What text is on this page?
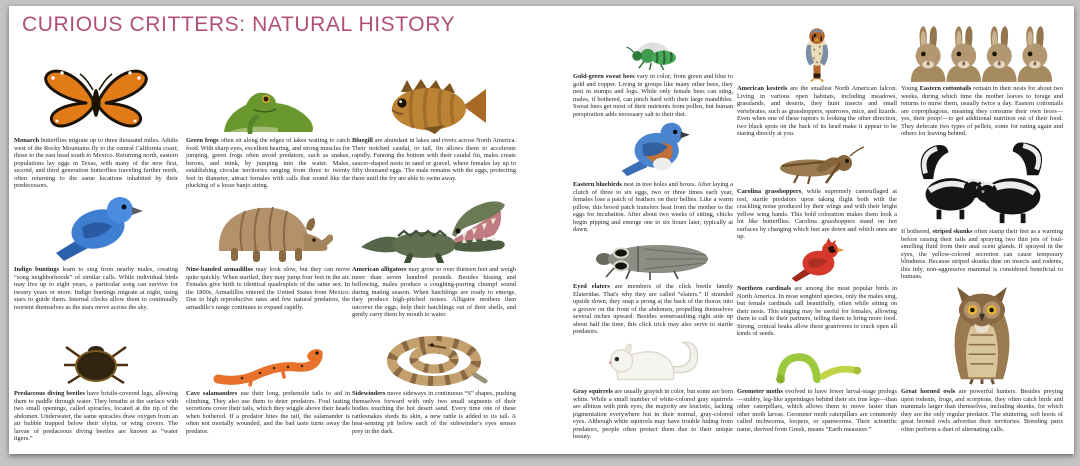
CURIOUS CRITTERS: NATURAL HISTORY

Monarch butterflies migrate up to three thousand miles. Adults west of the Rocky Mountains fly to the central California coast; those to the east head south to Mexico. Returning north, eastern populations lay eggs in Texas, with many of the new first, second, and third generation butterflies traveling farther north, often returning to the same locations inhabited by their predecessors.

Green frogs often sit along the edges of lakes waiting to catch food. With sharp eyes, excellent hearing, and strong muscles for jumping, green frogs often avoid predators, such as snakes, herons, and mink, by jumping into the water. Males, establishing circular territories ranging from three to twenty feet in diameter, attract females with calls that sound like the plucking of a loose banjo string.

Bluegill are abundant in lakes and rivers across North America. Their notched caudal, or tail, fin allows them to accelerate rapidly. Fanning the bottom with their caudal fin, males create saucer-shaped nests in sand or gravel, where females lay up to fifty thousand eggs. The male remains with the eggs, protecting them until the fry are able to swim away.

Indigo buntings learn to sing from nearby males, creating “song neighborhoods” of similar calls. While individual birds may live up to eight years, a particular song can survive for twenty years or more. Indigo buntings migrate at night, using stars to guide them. Internal clocks allow them to continually reorient themselves as the stars move across the sky.

Nine-banded armadillos may look slow, but they can move quite quickly. When startled, they may jump four feet in the air. Females give birth to identical quadruplets of the same sex. In the 1800s, Armadillos entered the United States from Mexico. Due to high reproductive rates and few natural predators, the armadillo's range continues to expand rapidly.

American alligators may grow to over thirteen feet and weigh more than seven hundred pounds. Besides hissing and bellowing, males produce a coughing-purring chumpf sound during mating season. When hatchlings are ready to emerge, they produce high-pitched noises. Alligator mothers then uncover the eggs, help their hatchlings out of their shells, and gently carry them by mouth to water.

Predaceous diving beetles have bristle-covered legs, allowing them to paddle through water. They breathe at the surface with two small openings, called spiracles, located at the tip of the abdomen. Underwater, the same spiracles draw oxygen from an air bubble trapped below their elytra, or wing covers. The larvae of predaceous diving beetles are known as “water tigers.”

Cave salamanders use their long, prehensile tails to aid in climbing. They also use them to deter predators. Foul tasting secretions cover their tails, which they wiggle above their heads when bothered. If a predator bites the tail, the salamander is often not mortally wounded, and the bad taste turns away the predator.

Sidewinders move sideways in continuous “S” shapes, pushing themselves forward with only two small segments of their bodies touching the hot desert sand. Every time one of these rattlesnakes sheds its skin, a new rattle is added to its tail. A heat-sensing pit below each of the sidewinder's eyes senses prey in the dark.

Gold-green sweat bees vary in color, from green and blue to gold and copper. Living in groups like many other bees, they nest in stumps and logs. While only female bees can sting, males, if bothered, can pinch hard with their large mandibles. Sweat bees get most of their nutrients from pollen, but human perspiration adds necessary salt to their diet.

American kestrels are the smallest North American falcon. Living in various open habitats, including meadows, grasslands, and deserts, they hunt insects and small vertebrates, such as grasshoppers, sparrows, mice, and lizards. Even when one of these raptors is looking the other direction, two black spots on the back of its head make it appear to be staring directly at you.

Young Eastern cottontails remain in their nests for about two weeks, during which time the mother leaves to forage and returns to nurse them, usually twice a day. Eastern cottontails are coprophagous, meaning they consume their own feces—yes, their poop!—to get additional nutrition out of their food. They defecate two types of pellets, some for eating again and others for leaving behind.

Eastern bluebirds nest in tree holes and boxes. After laying a clutch of three to six eggs, two or three times each year, females lose a patch of feathers on their bellies. Like a warm pillow, this brood patch transfers heat from the mother to the eggs for incubation. After about two weeks of sitting, chicks begin pipping and emerge one to six hours later, typically at dawn.

Carolina grasshoppers, while supremely camouflaged at rest, startle predators upon taking flight both with the crackling noise produced by their wings and with their bright yellow wing bands. This bold coloration makes them look a lot like butterflies. Carolina grasshoppers stand on hot surfaces by changing which feet are down and which ones are up.

If bothered, striped skunks often stamp their feet as a warning before raising their tails and spraying two thin jets of foul-smelling fluid from their anal scent glands. If sprayed in the eyes, the yellow-colored secretion can cause temporary blindness. Because striped skunks dine on insects and rodents, this tidy, non-aggressive mammal is considered beneficial to humans.

Eyed elaters are members of the click beetle family Elateridae. That's why they are called “elaters.” If stranded upside down, they snap a prong at the back of the thorax into a groove on the front of the abdomen, propelling themselves several inches upward. Besides somersaulting right side up about half the time, this click trick may also serve to startle predators.

Northern cardinals are among the most popular birds in North America. In most songbird species, only the males sing, but female cardinals call beautifully, often while sitting on their nests. This singing may be useful for females, allowing them to call to their partners, telling them to bring more food. Strong, conical beaks allow these granivores to crack open all kinds of seeds.

Gray squirrels are usually grayish in color, but some are born white. While a small number of white-colored gray squirrels are albinos with pink eyes, the majority are leucistic, lacking pigmentation everywhere but in their normal, gray-colored eyes. Although white squirrels may have trouble hiding from predators, people often protect them due to their unique beauty.

Geometer moths evolved to have fewer larval-stage prolegs—stubby, leg-like appendages behind their six true legs—than other caterpillars, which allows them to move faster than other moth larvae. Geometer moth caterpillars are commonly called inchworms, loopers, or spanworms. Their scientific name, derived from Greek, means “Earth measurer.”

Great horned owls are powerful hunters. Besides preying upon rodents, frogs, and scorpions, they often catch birds and mammals larger than themselves, including skunks, for which they are the only regular predator. The stuttering, soft hoots of great horned owls advertise their territories. Breeding pairs often perform a duet of alternating calls.
